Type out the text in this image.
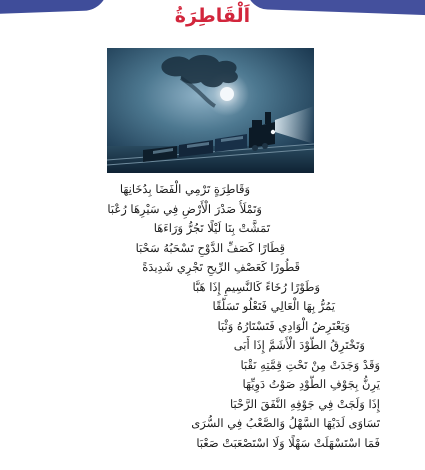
اَلْقَاطِرَةُ
وَقَاطِرَةٍ تَرْمِي الْفَضَا بِدُخَانِهَا
وَتَمْلَأُ صَدْرَ الْأَرْضِ فِي سَيْرِهَا رُعْبَا
تَمَشَّتْ بِنَا لَيْلًا تَجُرُّ وَرَاءَهَا
قِطَارًا كَصَفِّ الدَّوْحِ تَسْحَبُهُ سَحْبَا
قَطُورًا كَعَصْفِ الرِّيحِ تَجْرِي شَدِيدَةً
وَطَوْرًا رُخَاءً كَالنَّسِيمِ إِذَا هَبَّا
يَمُرُّ بِهَا الْعَالِي فَتَعْلُو تَسَلُّقًا
وَيَعْتَرِضُ الْوَادِي فَتَسْتَارُهُ وَثْبَا
وَتَخْتَرِقُ الطَّوْدَ الْأَشَمَّ إِذَا أَبَى
وَقَدْ وَجَدَتْ مِنْ تَحْتِ قِمَّتِهِ نَقْبَا
يَرِنُّ بِجَوْفِ الطَّوْدِ صَوْتُ دَوِيِّهَا
إِذَا وَلَجَتْ فِي جَوْفِهِ النَّفَقَ الرَّحْبَا
تَسَاوَى لَدَيْهَا السَّهْلُ وَالصَّعْبُ فِي السُّرَى
فَمَا اسْتَسْهَلَتْ سَهْلًا وَلَا اسْتَصْعَبَتْ صَعْبَا
